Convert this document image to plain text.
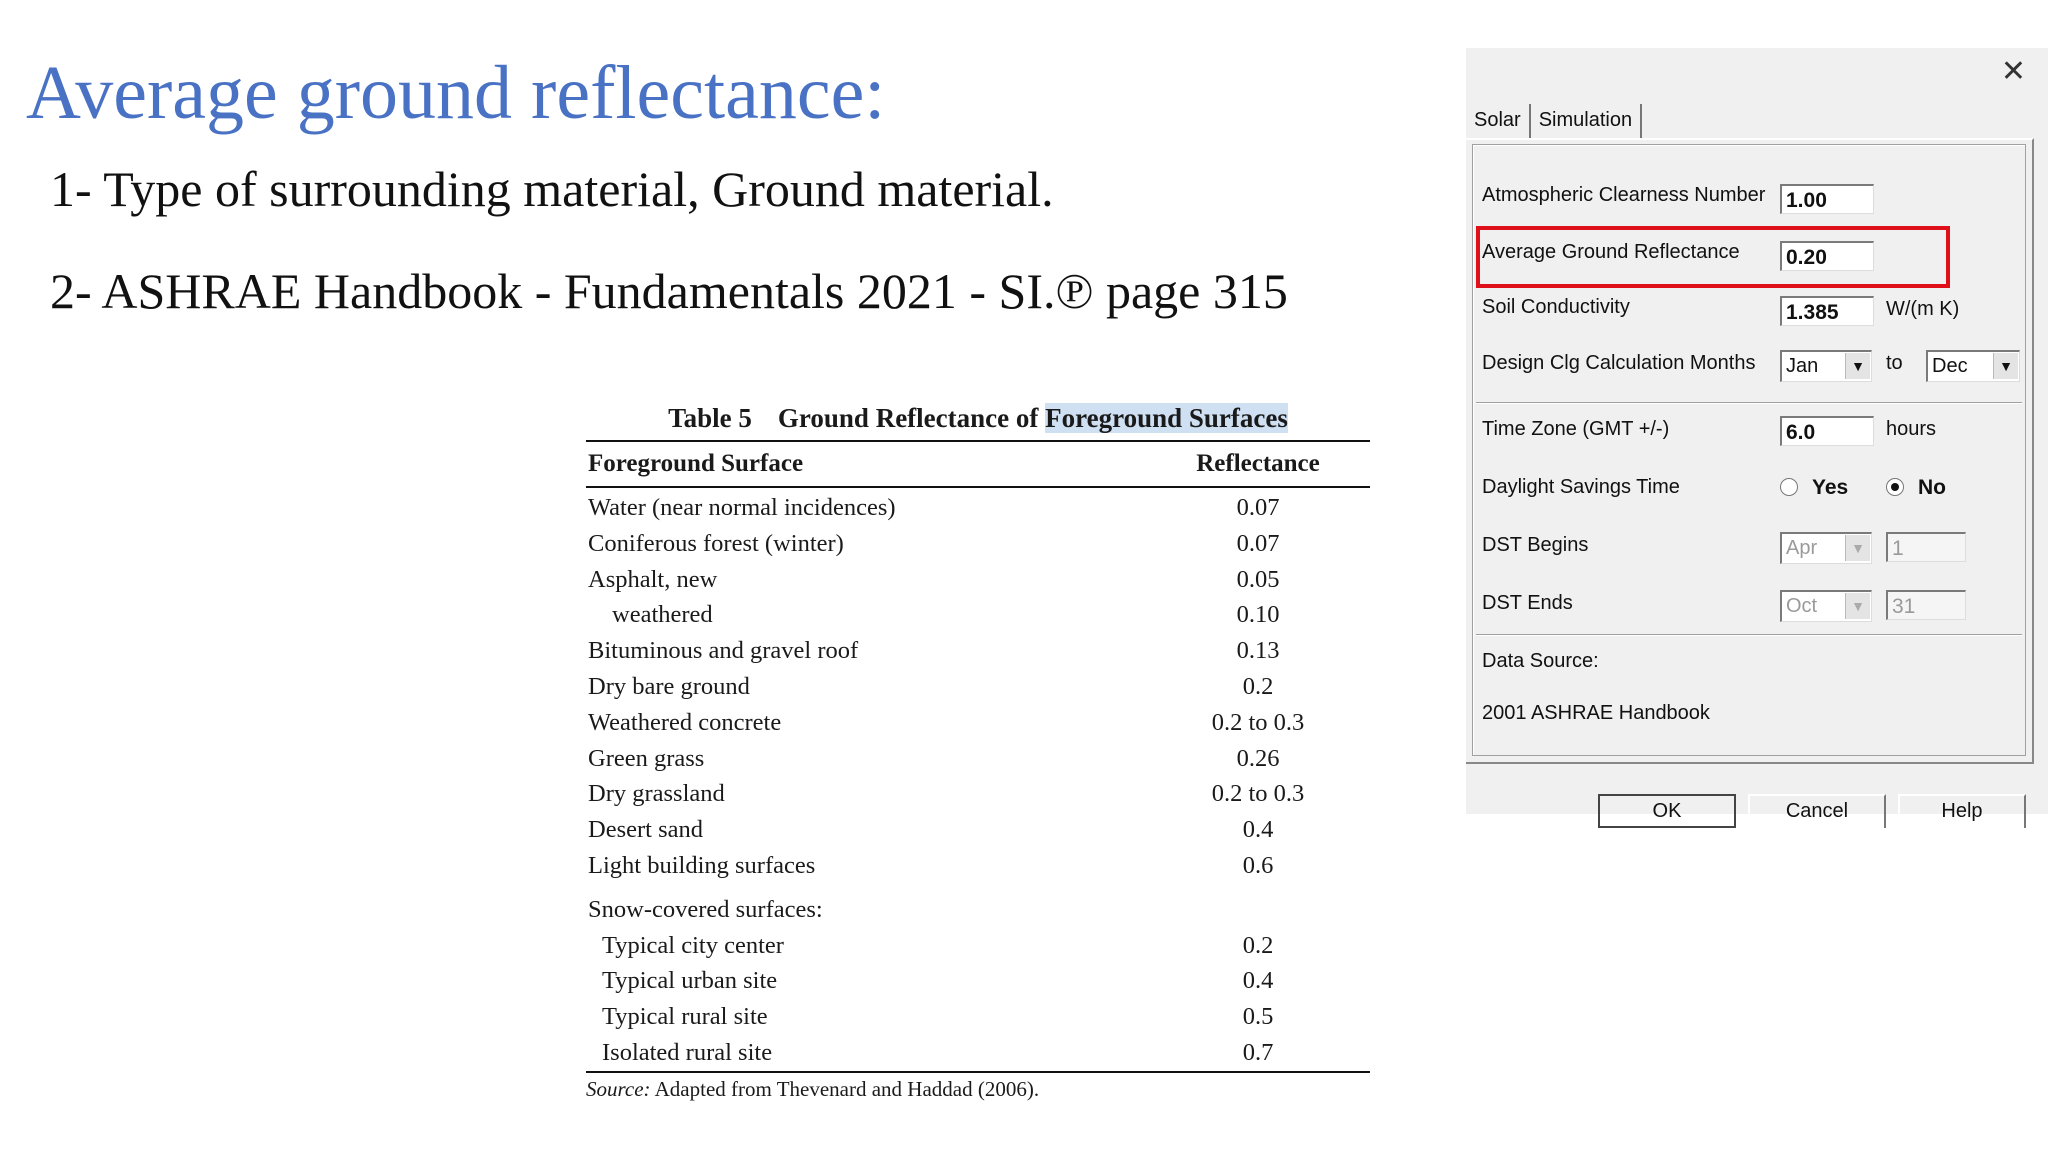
Average ground reflectance:
1- Type of surrounding material, Ground material.
2- ASHRAE Handbook - Fundamentals 2021 - SI.℗ page 315
Table 5 Ground Reflectance of Foreground Surfaces
Foreground Surface	Reflectance
Water (near normal incidences)	0.07
Coniferous forest (winter)	0.07
Asphalt, new	0.05
weathered	0.10
Bituminous and gravel roof	0.13
Dry bare ground	0.2
Weathered concrete	0.2 to 0.3
Green grass	0.26
Dry grassland	0.2 to 0.3
Desert sand	0.4
Light building surfaces	0.6
Snow-covered surfaces:
Typical city center	0.2
Typical urban site	0.4
Typical rural site	0.5
Isolated rural site	0.7
Source: Adapted from Thevenard and Haddad (2006).
✕
Solar Simulation
Atmospheric Clearness Number 1.00
Average Ground Reflectance 0.20
Soil Conductivity	1.385	W/(m K)
Design Clg Calculation Months Jan	▼ to Dec	▼
Time Zone (GMT +/-)	6.0	hours
Daylight Savings Time	Yes	No
DST Begins	Apr	▼ 1
DST Ends	Oct	▼ 31
Data Source:
2001 ASHRAE Handbook
OK	Cancel	Help
